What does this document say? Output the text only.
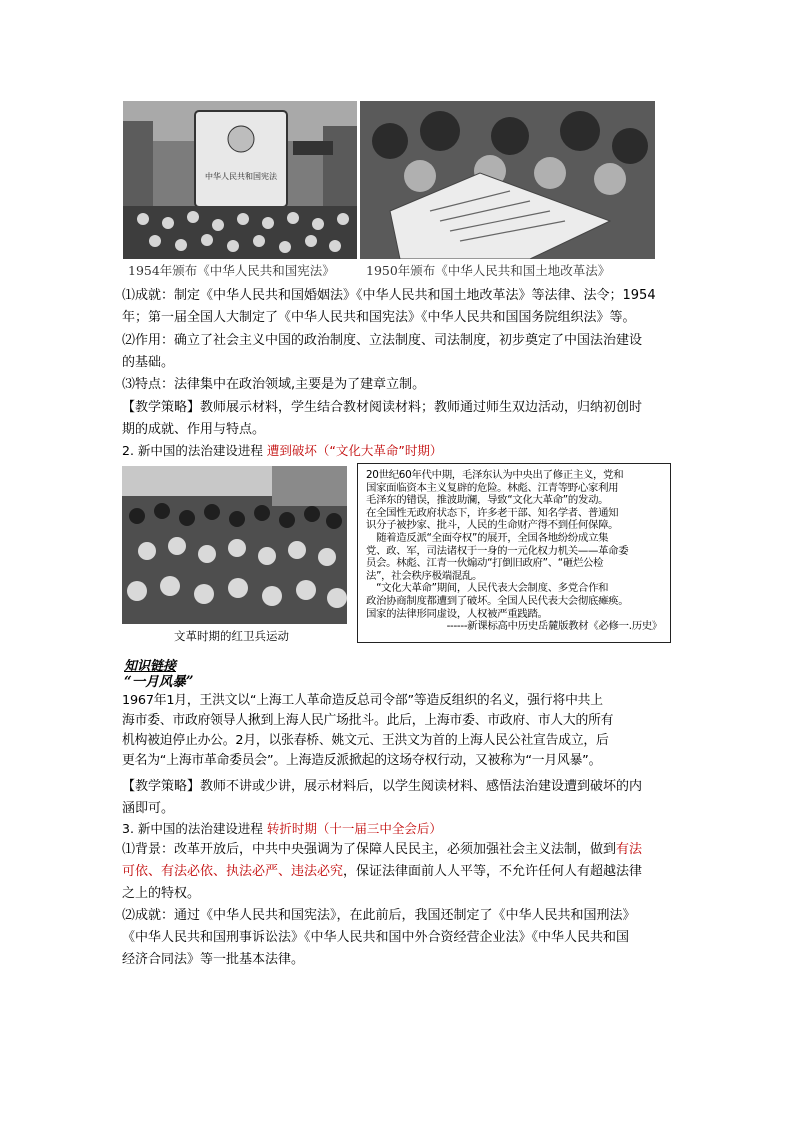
中华人民共和国宪法
1954年颁布《中华人民共和国宪法》 1950年颁布《中华人民共和国土地改革法》
⑴成就：制定《中华人民共和国婚姻法》《中华人民共和国土地改革法》等法律、法令；1954
年；第一届全国人大制定了《中华人民共和国宪法》《中华人民共和国国务院组织法》等。
⑵作用：确立了社会主义中国的政治制度、立法制度、司法制度，初步奠定了中国法治建设
的基础。
⑶特点：法律集中在政治领域,主要是为了建章立制。
【教学策略】教师展示材料，学生结合教材阅读材料；教师通过师生双边活动，归纳初创时
期的成就、作用与特点。
2. 新中国的法治建设进程 遭到破坏（“文化大革命”时期）
文革时期的红卫兵运动

20世纪60年代中期，毛泽东认为中央出了修正主义，党和

国家面临资本主义复辟的危险。林彪、江青等野心家利用

毛泽东的错误，推波助澜，导致“文化大革命”的发动。

在全国性无政府状态下，许多老干部、知名学者、普通知

识分子被抄家、批斗，人民的生命财产得不到任何保障。

　随着造反派“全面夺权”的展开，全国各地纷纷成立集

党、政、军，司法诸权于一身的一元化权力机关——革命委

员会。林彪、江青一伙煽动“打倒旧政府”、“砸烂公检

法”，社会秩序极端混乱。

　“文化大革命”期间，人民代表大会制度、多党合作和

政治协商制度都遭到了破坏。全国人民代表大会彻底瘫痪。

国家的法律形同虚设，人权被严重践踏。

------新课标高中历史岳麓版教材《必修一.历史》

知识链接
“一月风暴”
1967年1月，王洪文以“上海工人革命造反总司令部”等造反组织的名义，强行将中共上
海市委、市政府领导人揪到上海人民广场批斗。此后，上海市委、市政府、市人大的所有
机构被迫停止办公。2月，以张春桥、姚文元、王洪文为首的上海人民公社宣告成立，后
更名为“上海市革命委员会”。上海造反派掀起的这场夺权行动，又被称为“一月风暴”。
【教学策略】教师不讲或少讲，展示材料后，以学生阅读材料、感悟法治建设遭到破坏的内
涵即可。
3. 新中国的法治建设进程 转折时期（十一届三中全会后）
⑴背景：改革开放后，中共中央强调为了保障人民民主，必须加强社会主义法制，做到有法
可依、有法必依、执法必严、违法必究，保证法律面前人人平等，不允许任何人有超越法律
之上的特权。
⑵成就：通过《中华人民共和国宪法》，在此前后，我国还制定了《中华人民共和国刑法》
《中华人民共和国刑事诉讼法》《中华人民共和国中外合资经营企业法》《中华人民共和国
经济合同法》等一批基本法律。
